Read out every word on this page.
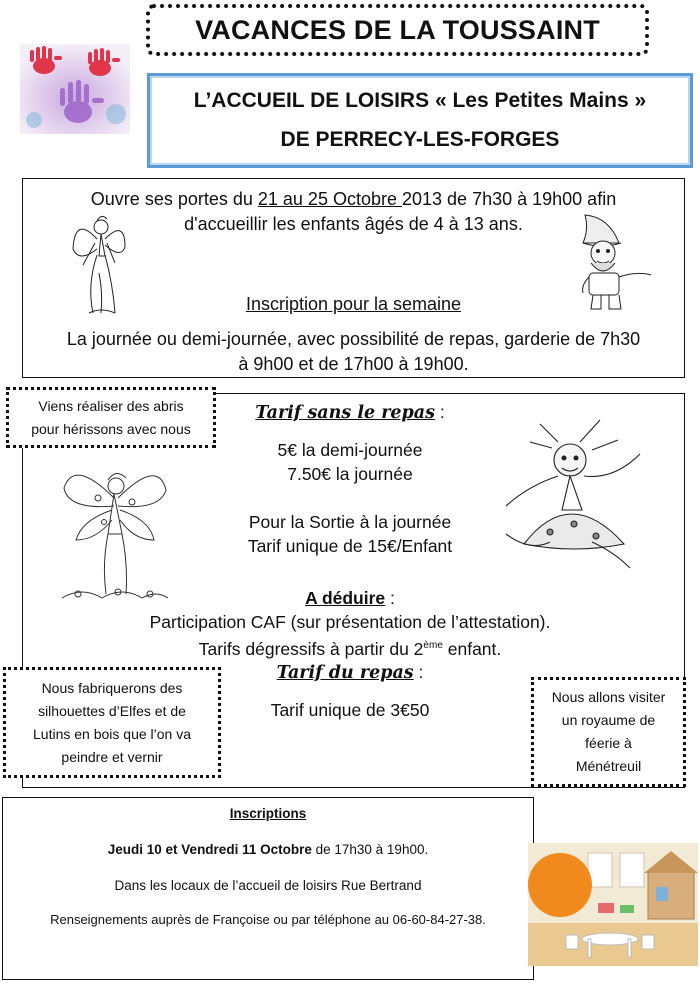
VACANCES DE LA TOUSSAINT
L’ACCUEIL DE LOISIRS « Les Petites Mains »
DE PERRECY-LES-FORGES
Ouvre ses portes du 21 au 25 Octobre 2013 de 7h30 à 19h00 afin
d'accueillir les enfants âgés de 4 à 13 ans.
Inscription pour la semaine
La journée ou demi-journée, avec possibilité de repas, garderie de 7h30
à 9h00 et de 17h00 à 19h00.
Tarif sans le repas :
5€ la demi-journée
7.50€ la journée
Pour la Sortie à la journée
Tarif unique de 15€/Enfant
A déduire :
Participation CAF (sur présentation de l’attestation).
Tarifs dégressifs à partir du 2ème enfant.
Tarif du repas :
Tarif unique de 3€50
Viens réaliser des abris
pour hérissons avec nous
Nous fabriquerons des
silhouettes d’Elfes et de
Lutins en bois que l’on va
peindre et vernir
Nous allons visiter
un royaume de
féerie à
Ménétreuil
Inscriptions
Jeudi 10 et Vendredi 11 Octobre de 17h30 à 19h00.
Dans les locaux de l’accueil de loisirs Rue Bertrand
Renseignements auprès de Françoise ou par téléphone au 06-60-84-27-38.
